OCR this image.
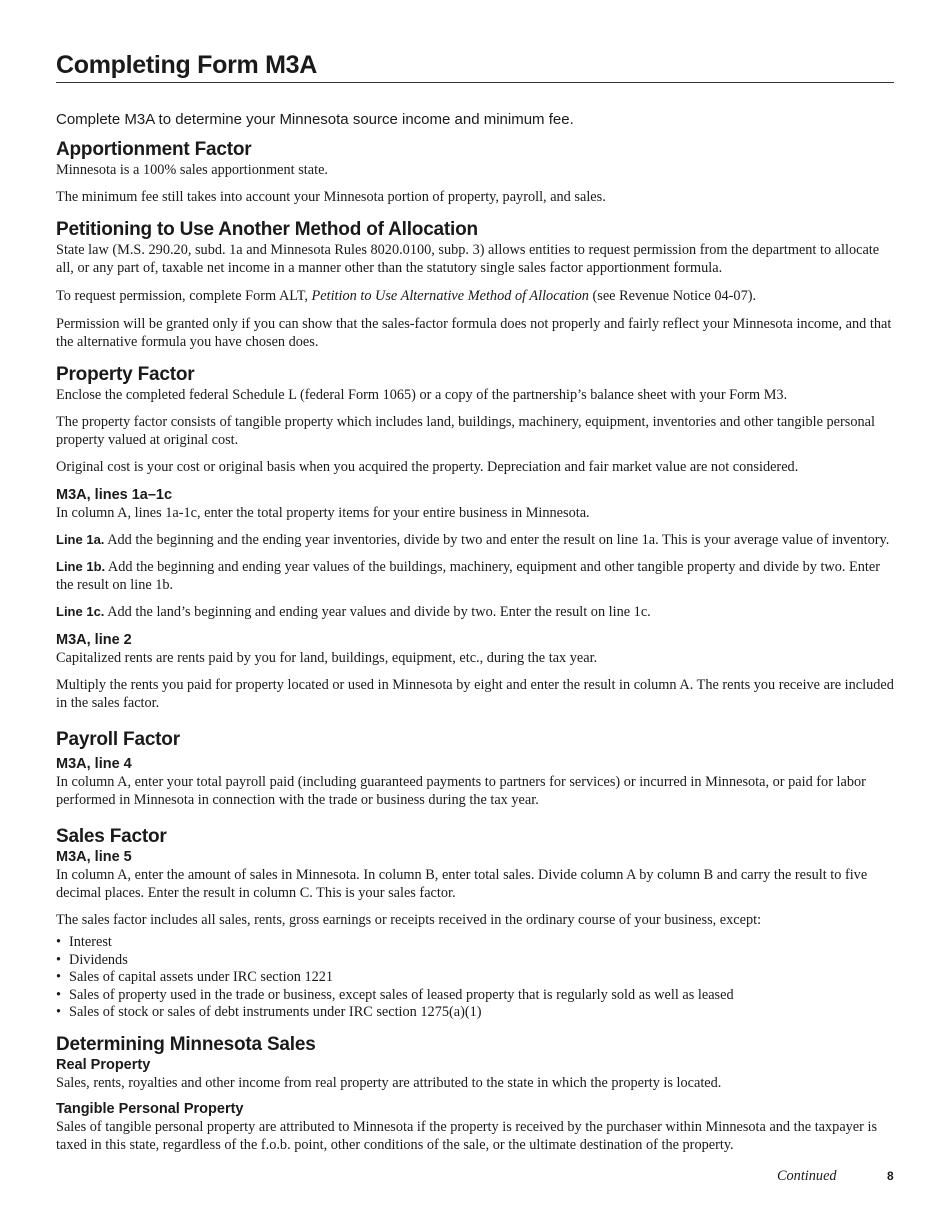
Completing Form M3A

Complete M3A to determine your Minnesota source income and minimum fee.

Apportionment Factor

Minnesota is a 100% sales apportionment state.

The minimum fee still takes into account your Minnesota portion of property, payroll, and sales.

Petitioning to Use Another Method of Allocation

State law (M.S. 290.20, subd. 1a and Minnesota Rules 8020.0100, subp. 3) allows entities to request permission from the department to allocate all, or any part of, taxable net income in a manner other than the statutory single sales factor apportionment formula.

To request permission, complete Form ALT, Petition to Use Alternative Method of Allocation (see Revenue Notice 04-07).

Permission will be granted only if you can show that the sales-factor formula does not properly and fairly reflect your Minnesota income, and that the alternative formula you have chosen does.

Property Factor

Enclose the completed federal Schedule L (federal Form 1065) or a copy of the partnership’s balance sheet with your Form M3.

The property factor consists of tangible property which includes land, buildings, machinery, equipment, inventories and other tangible personal property valued at original cost.

Original cost is your cost or original basis when you acquired the property. Depreciation and fair market value are not considered.

M3A, lines 1a–1c

In column A, lines 1a-1c, enter the total property items for your entire business in Minnesota.

Line 1a. Add the beginning and the ending year inventories, divide by two and enter the result on line 1a. This is your average value of inventory.

Line 1b. Add the beginning and ending year values of the buildings, machinery, equipment and other tangible property and divide by two. Enter the result on line 1b.

Line 1c. Add the land’s beginning and ending year values and divide by two. Enter the result on line 1c.

M3A, line 2

Capitalized rents are rents paid by you for land, buildings, equipment, etc., during the tax year.

Multiply the rents you paid for property located or used in Minnesota by eight and enter the result in column A. The rents you receive are included in the sales factor.

Payroll Factor
M3A, line 4

In column A, enter your total payroll paid (including guaranteed payments to partners for services) or incurred in Minnesota, or paid for labor performed in Minnesota in connection with the trade or business during the tax year.

Sales Factor
M3A, line 5

In column A, enter the amount of sales in Minnesota. In column B, enter total sales. Divide column A by column B and carry the result to five decimal places. Enter the result in column C. This is your sales factor.

The sales factor includes all sales, rents, gross earnings or receipts received in the ordinary course of your business, except:

• Interest
• Dividends
• Sales of capital assets under IRC section 1221
• Sales of property used in the trade or business, except sales of leased property that is regularly sold as well as leased
• Sales of stock or sales of debt instruments under IRC section 1275(a)(1)
Determining Minnesota Sales
Real Property

Sales, rents, royalties and other income from real property are attributed to the state in which the property is located.

Tangible Personal Property

Sales of tangible personal property are attributed to Minnesota if the property is received by the purchaser within Minnesota and the taxpayer is taxed in this state, regardless of the f.o.b. point, other conditions of the sale, or the ultimate destination of the property.

Continued	8
